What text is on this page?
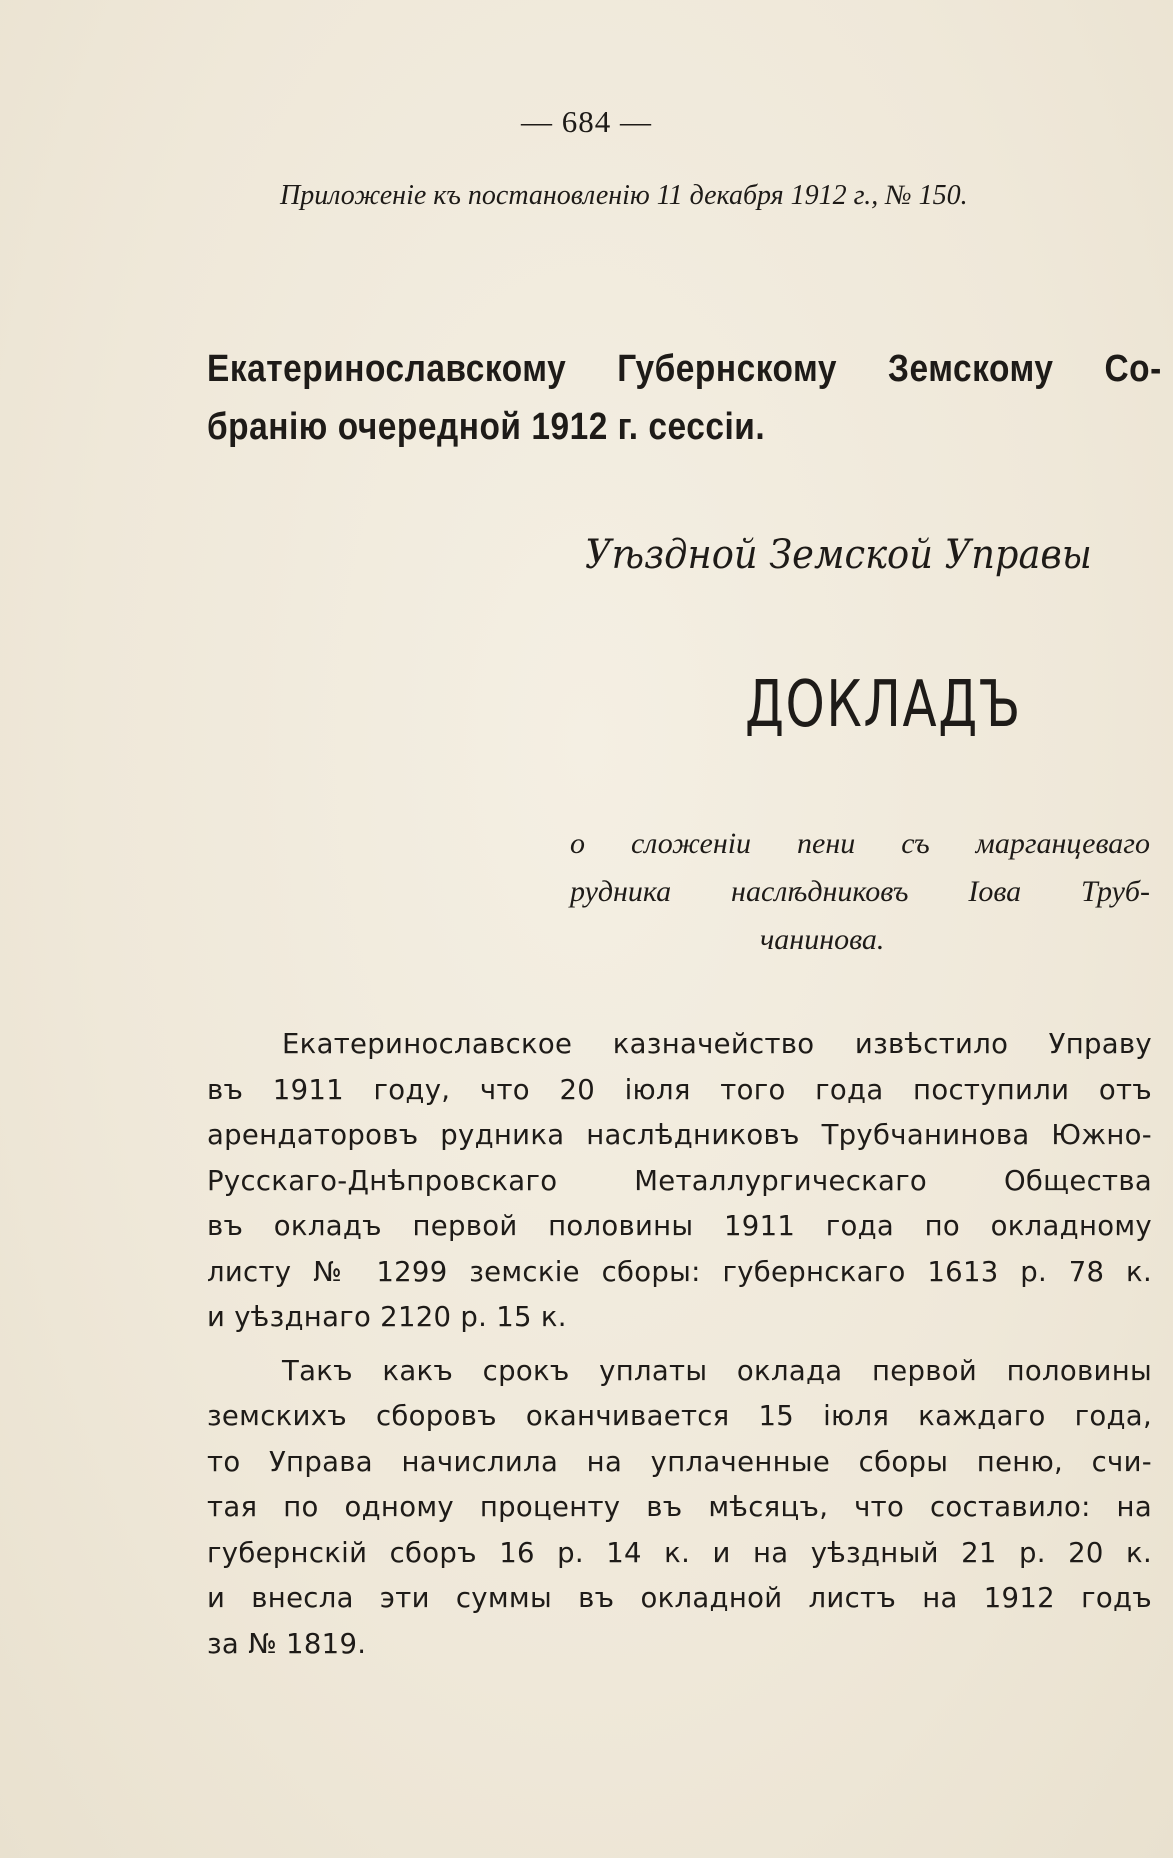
— 684 —
Приложеніе къ постановленію 11 декабря 1912 г., № 150.
Екатеринославскому Губернскому Земскому Со-
бранію очередной 1912 г. сессіи.
Уѣздной Земской Управы
ДОКЛАДЪ
о сложеніи пени съ марганцеваго
рудника наслѣдниковъ Іова Труб-
чанинова.
Екатеринославское казначейство извѣстило Управу
въ 1911 году, что 20 іюля того года поступили отъ
арендаторовъ рудника наслѣдниковъ Трубчанинова Южно-
Русскаго-Днѣпровскаго Металлургическаго Общества
въ окладъ первой половины 1911 года по окладному
листу № 1299 земскіе сборы: губернскаго 1613 р. 78 к.
и уѣзднаго 2120 р. 15 к.
Такъ какъ срокъ уплаты оклада первой половины
земскихъ сборовъ оканчивается 15 іюля каждаго года,
то Управа начислила на уплаченные сборы пеню, счи-
тая по одному проценту въ мѣсяцъ, что составило: на
губернскій сборъ 16 р. 14 к. и на уѣздный 21 р. 20 к.
и внесла эти суммы въ окладной листъ на 1912 годъ
за № 1819.
